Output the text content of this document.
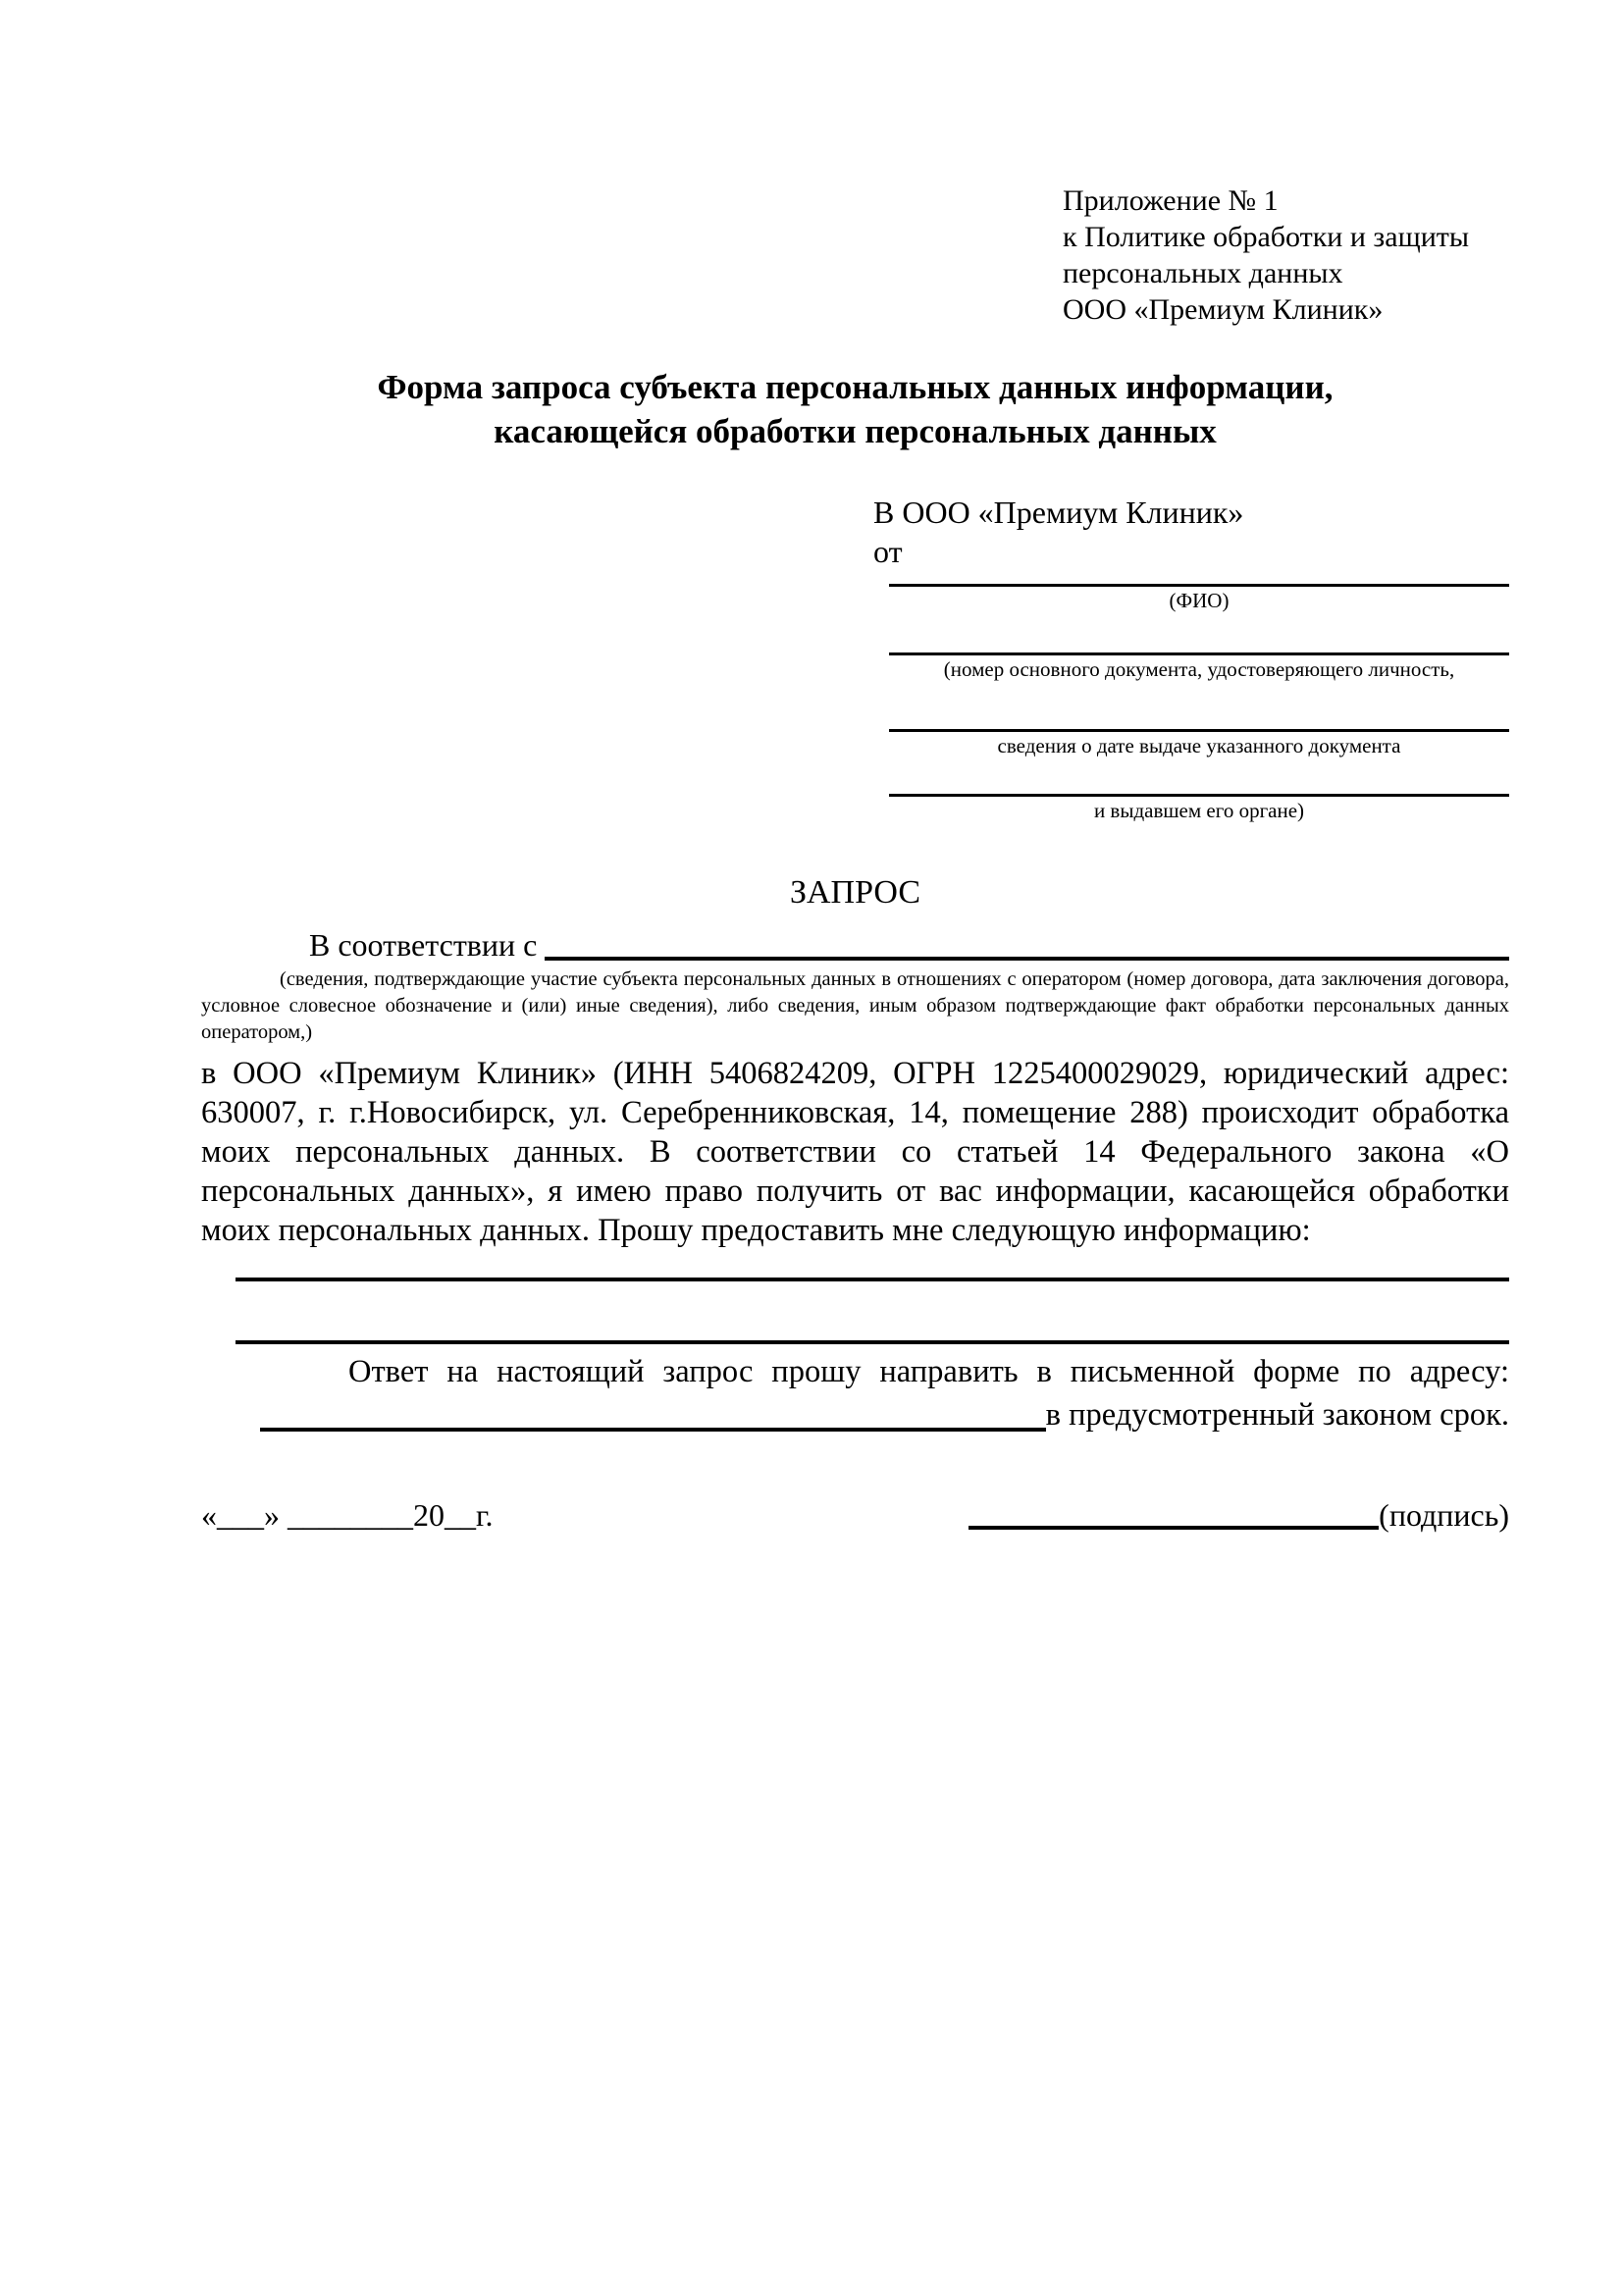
Приложение № 1
к Политике обработки и защиты
персональных данных
ООО «Премиум Клиник»
Форма запроса субъекта персональных данных информации,
касающейся обработки персональных данных
В ООО «Премиум Клиник»
от
(ФИО)
(номер основного документа, удостоверяющего личность,
сведения о дате выдаче указанного документа
и выдавшем его органе)
ЗАПРОС
В соответствии с
(сведения, подтверждающие участие субъекта персональных данных в отношениях с оператором (номер договора, дата заключения договора, условное словесное обозначение и (или) иные сведения), либо сведения, иным образом подтверждающие факт обработки персональных данных оператором,)
в ООО «Премиум Клиник» (ИНН 5406824209, ОГРН 1225400029029, юридический адрес: 630007, г. г.Новосибирск, ул. Серебренниковская, 14, помещение 288) происходит обработка моих персональных данных. В соответствии со статьей 14 Федерального закона «О персональных данных», я имею право получить от вас информации, касающейся обработки моих персональных данных. Прошу предоставить мне следующую информацию:
Ответ на настоящий запрос прошу направить в письменной форме по адресу:
в предусмотренный законом срок.
«___» ________20__г.	(подпись)
